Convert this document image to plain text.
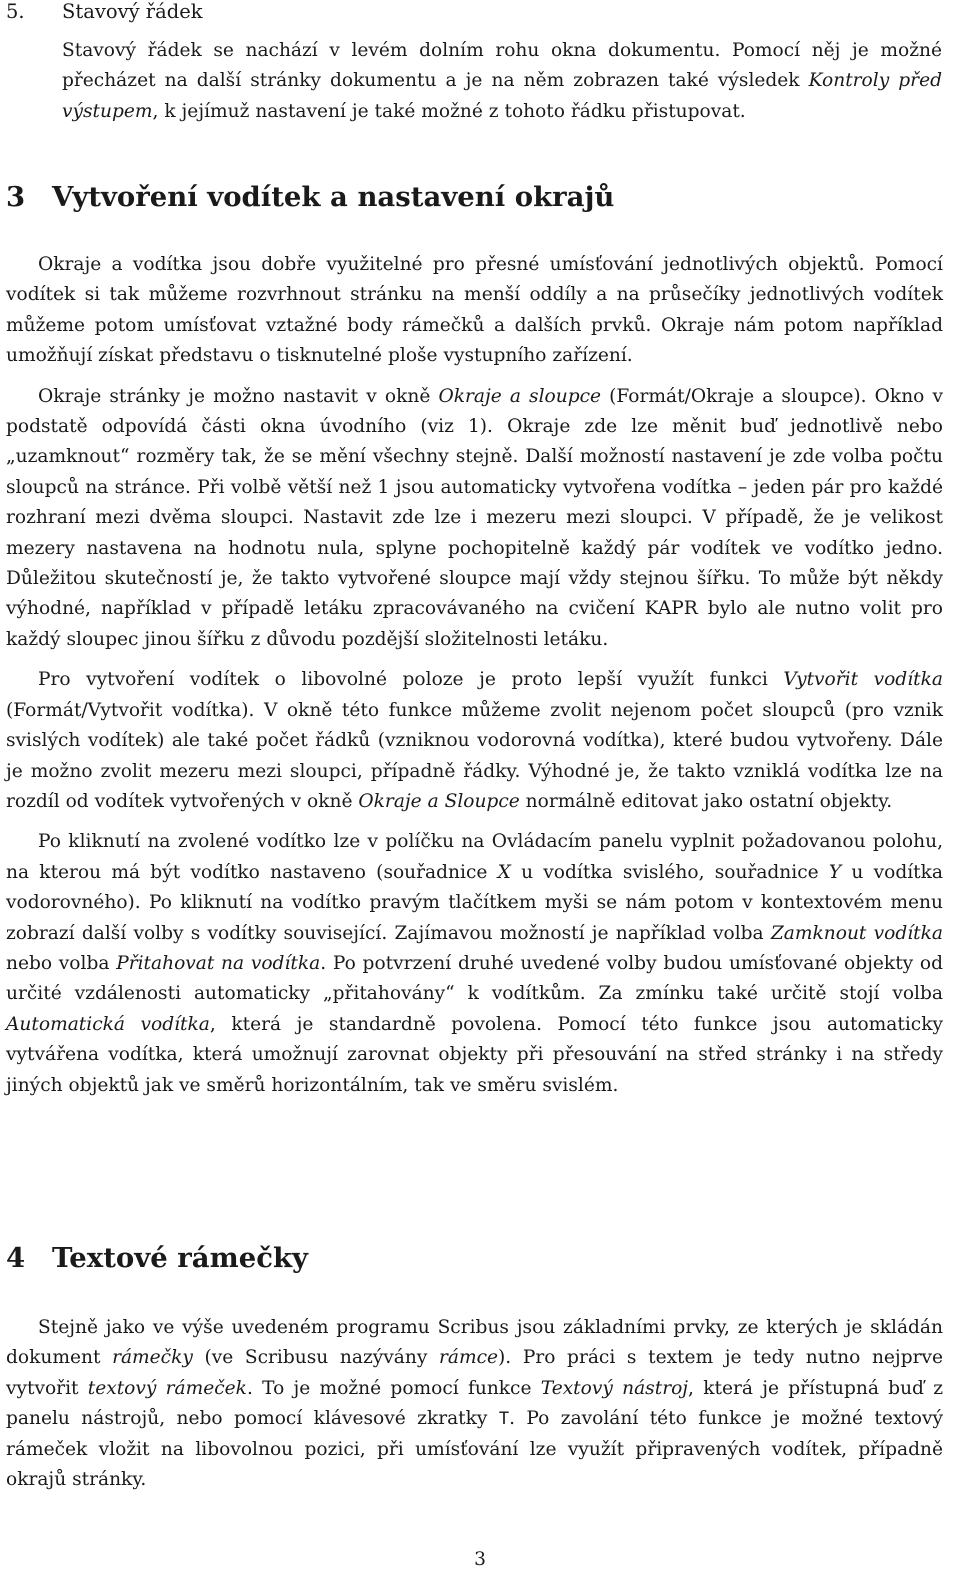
5. Stavový řádek

Stavový řádek se nachází v levém dolním rohu okna dokumentu. Pomocí něj je možné přecházet na další stránky dokumentu a je na něm zobrazen také výsledek Kontroly před výstupem, k jejímuž nastavení je také možné z tohoto řádku přistupovat.

3 Vytvoření vodítek a nastavení okrajů

Okraje a vodítka jsou dobře využitelné pro přesné umísťování jednotlivých objektů. Pomocí vodítek si tak můžeme rozvrhnout stránku na menší oddíly a na průsečíky jednotlivých vodítek můžeme potom umísťovat vztažné body rámečků a dalších prvků. Okraje nám potom například umožňují získat představu o tisknutelné ploše vystupního zařízení.

Okraje stránky je možno nastavit v okně Okraje a sloupce (Formát/Okraje a sloupce). Okno v podstatě odpovídá části okna úvodního (viz 1). Okraje zde lze měnit buď jednotlivě nebo „uzamknout“ rozměry tak, že se mění všechny stejně. Další možností nastavení je zde volba počtu sloupců na stránce. Při volbě větší než 1 jsou automaticky vytvořena vodítka – jeden pár pro každé rozhraní mezi dvěma sloupci. Nastavit zde lze i mezeru mezi sloupci. V případě, že je velikost mezery nastavena na hodnotu nula, splyne pochopitelně každý pár vodítek ve vodítko jedno. Důležitou skutečností je, že takto vytvořené sloupce mají vždy stejnou šířku. To může být někdy výhodné, například v případě letáku zpracovávaného na cvičení KAPR bylo ale nutno volit pro každý sloupec jinou šířku z důvodu pozdější složitelnosti letáku.

Pro vytvoření vodítek o libovolné poloze je proto lepší využít funkci Vytvořit vodítka (Formát/Vytvořit vodítka). V okně této funkce můžeme zvolit nejenom počet sloupců (pro vznik svislých vodítek) ale také počet řádků (vzniknou vodorovná vodítka), které budou vytvořeny. Dále je možno zvolit mezeru mezi sloupci, případně řádky. Výhodné je, že takto vzniklá vodítka lze na rozdíl od vodítek vytvořených v okně Okraje a Sloupce normálně editovat jako ostatní objekty.

Po kliknutí na zvolené vodítko lze v políčku na Ovládacím panelu vyplnit požadovanou polohu, na kterou má být vodítko nastaveno (souřadnice X u vodítka svislého, souřadnice Y u vodítka vodorovného). Po kliknutí na vodítko pravým tlačítkem myši se nám potom v kontextovém menu zobrazí další volby s vodítky související. Zajímavou možností je například volba Zamknout vodítka nebo volba Přitahovat na vodítka. Po potvrzení druhé uvedené volby budou umísťované objekty od určité vzdálenosti automaticky „přitahovány“ k vodítkům. Za zmínku také určitě stojí volba Automatická vodítka, která je standardně povolena. Pomocí této funkce jsou automaticky vytvářena vodítka, která umožnují zarovnat objekty při přesouvání na střed stránky i na středy jiných objektů jak ve směrů horizontálním, tak ve směru svislém.

4 Textové rámečky

Stejně jako ve výše uvedeném programu Scribus jsou základními prvky, ze kterých je skládán dokument rámečky (ve Scribusu nazývány rámce). Pro práci s textem je tedy nutno nejprve vytvořit textový rámeček. To je možné pomocí funkce Textový nástroj, která je přístupná buď z panelu nástrojů, nebo pomocí klávesové zkratky T. Po zavolání této funkce je možné textový rámeček vložit na libovolnou pozici, při umísťování lze využít připravených vodítek, případně okrajů stránky.

3
